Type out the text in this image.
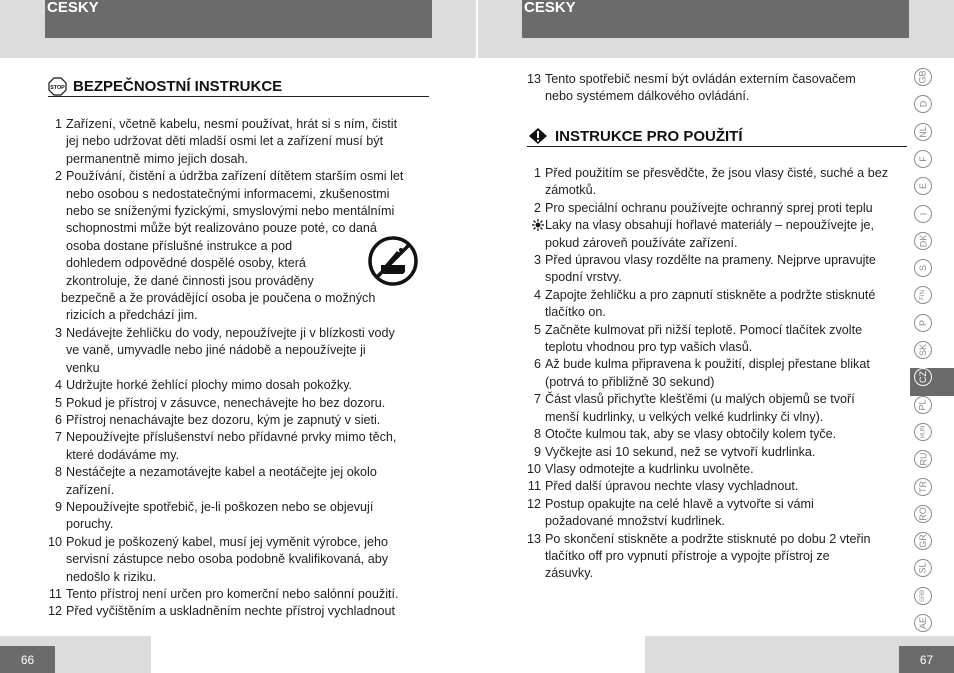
CESKY	CESKY
66	67
STOP BEZPEČNOSTNÍ INSTRUKCE
1 Zařízení, včetně kabelu, nesmí používat, hrát si s ním, čistit
jej nebo udržovat děti mladší osmi let a zařízení musí být
permanentně mimo jejich dosah.
2 Používání, čistění a údržba zařízení dítětem starším osmi let
nebo osobou s nedostatečnými informacemi, zkušenostmi
nebo se sníženými fyzickými, smyslovými nebo mentálními
schopnostmi může být realizováno pouze poté, co daná
osoba dostane příslušné instrukce a pod
dohledem odpovědné dospělé osoby, která
zkontroluje, že dané činnosti jsou prováděny
bezpečně a že provádějící osoba je poučena o možných
rizicích a předchází jim.
3 Nedávejte žehličku do vody, nepoužívejte ji v blízkosti vody
ve vaně, umyvadle nebo jiné nádobě a nepoužívejte ji
venku
4 Udržujte horké žehlící plochy mimo dosah pokožky.
5 Pokud je přístroj v zásuvce, nenechávejte ho bez dozoru.
6 Přístroj nenachávajte bez dozoru, kým je zapnutý v sieti.
7 Nepoužívejte příslušenství nebo přídavné prvky mimo těch,
které dodáváme my.
8 Nestáčejte a nezamotávejte kabel a neotáčejte jej okolo
zařízení.
9 Nepoužívejte spotřebič, je-li poškozen nebo se objevují
poruchy.
10 Pokud je poškozený kabel, musí jej vyměnit výrobce, jeho
servisní zástupce nebo osoba podobně kvalifikovaná, aby
nedošlo k riziku.
11 Tento přístroj není určen pro komerční nebo salónní použití.
12 Před vyčištěním a uskladněním nechte přístroj vychladnout
13 Tento spotřebič nesmí být ovládán externím časovačem
nebo systémem dálkového ovládání.
INSTRUKCE PRO POUŽITÍ
1 Před použitím se přesvědčte, že jsou vlasy čisté, suché a bez
zámotků.
2 Pro speciální ochranu používejte ochranný sprej proti teplu
Laky na vlasy obsahují hořlavé materiály – nepoužívejte je,
pokud zároveň používáte zařízení.
3 Před úpravou vlasy rozdělte na prameny. Nejprve upravujte
spodní vrstvy.
4 Zapojte žehličku a pro zapnutí stiskněte a podržte stisknuté
tlačítko on.
5 Začněte kulmovat při nižší teplotě. Pomocí tlačítek zvolte
teplotu vhodnou pro typ vašich vlasů.
6 Až bude kulma připravena k použití, displej přestane blikat
(potrvá to přibližně 30 sekund)
7 Část vlasů přichyťte klešťěmi (u malých objemů se tvoří
menší kudrlinky, u velkých velké kudrlinky či vlny).
8 Otočte kulmou tak, aby se vlasy obtočily kolem tyče.
9 Vyčkejte asi 10 sekund, než se vytvoří kudrlinka.
10 Vlasy odmotejte a kudrlinku uvolněte.
11 Před další úpravou nechte vlasy vychladnout.
12 Postup opakujte na celé hlavě a vytvořte si vámi
požadované množství kudrlinek.
13 Po skončení stiskněte a podržte stisknuté po dobu 2 vteřin
tlačítko off pro vypnutí přístroje a vypojte přístroj ze
zásuvky.
GB
D
NL
F
E
I
DK
S
FIN
P
SK
CZ
PL
HUN
RU
TR
RO
GR
SL
SRB
AE
